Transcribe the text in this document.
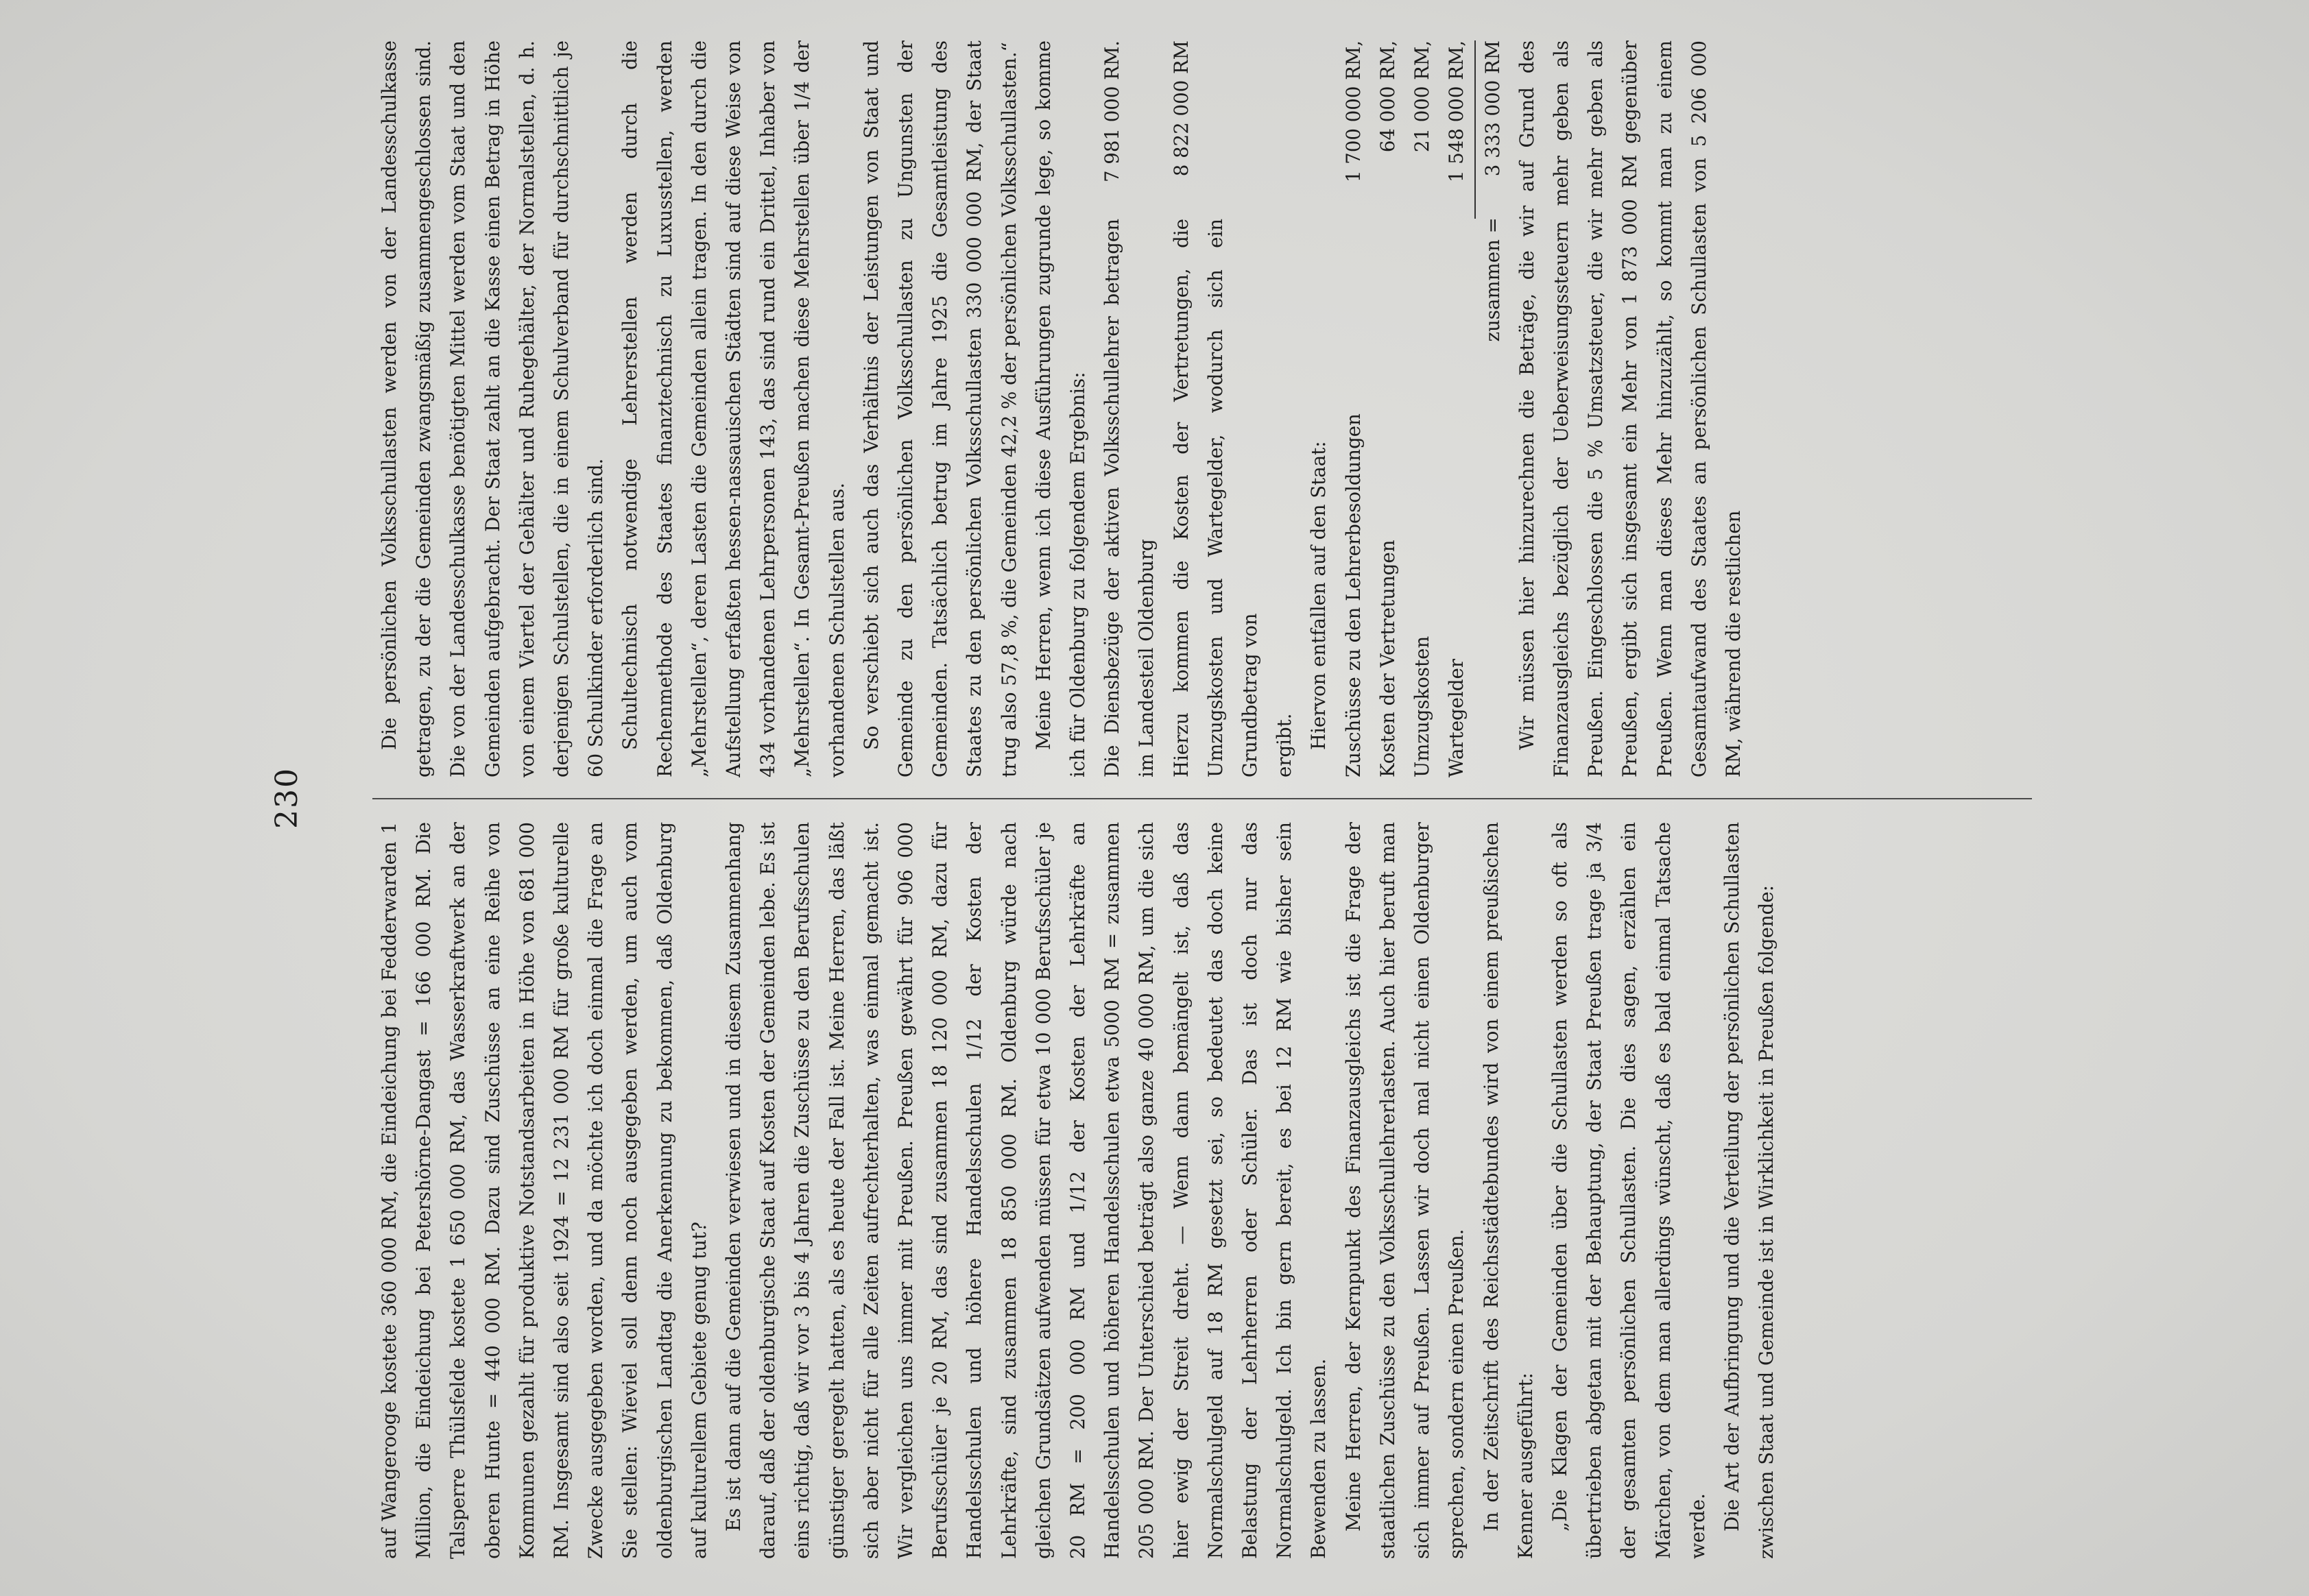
230

auf Wangerooge kostete 360 000 RM, die Eindeichung bei Fedderwarden 1 Million, die Eindeichung bei Petershörne-Dangast = 166 000 RM. Die Talsperre Thülsfelde kostete 1 650 000 RM, das Wasserkraftwerk an der oberen Hunte = 440 000 RM. Dazu sind Zuschüsse an eine Reihe von Kommunen gezahlt für produktive Notstandsarbeiten in Höhe von 681 000 RM. Insgesamt sind also seit 1924 = 12 231 000 RM für große kulturelle Zwecke ausgegeben worden, und da möchte ich doch einmal die Frage an Sie stellen: Wieviel soll denn noch ausgegeben werden, um auch vom oldenburgischen Landtag die Anerkennung zu bekommen, daß Oldenburg auf kulturellem Gebiete genug tut? Es ist dann auf die Gemeinden verwiesen und in diesem Zusammenhang darauf, daß der oldenburgische Staat auf Kosten der Gemeinden lebe. Es ist eins richtig, daß wir vor 3 bis 4 Jahren die Zuschüsse zu den Berufsschulen günstiger geregelt hatten, als es heute der Fall ist. Meine Herren, das läßt sich aber nicht für alle Zeiten aufrechterhalten, was einmal gemacht ist. Wir vergleichen uns immer mit Preußen. Preußen gewährt für 906 000 Berufsschüler je 20 RM, das sind zusammen 18 120 000 RM, dazu für Handelsschulen und höhere Handelsschulen 1/12 der Kosten der Lehrkräfte, sind zusammen 18 850 000 RM. Oldenburg würde nach gleichen Grundsätzen aufwenden müssen für etwa 10 000 Berufsschüler je 20 RM = 200 000 RM und 1/12 der Kosten der Lehrkräfte an Handelsschulen und höheren Handelsschulen etwa 5000 RM = zusammen 205 000 RM. Der Unterschied beträgt also ganze 40 000 RM, um die sich hier ewig der Streit dreht. — Wenn dann bemängelt ist, daß das Normalschulgeld auf 18 RM gesetzt sei, so bedeutet das doch keine Belastung der Lehrherren oder Schüler. Das ist doch nur das Normalschulgeld. Ich bin gern bereit, es bei 12 RM wie bisher sein Bewenden zu lassen. Meine Herren, der Kernpunkt des Finanzausgleichs ist die Frage der staatlichen Zuschüsse zu den Volksschullehrerlasten. Auch hier beruft man sich immer auf Preußen. Lassen wir doch mal nicht einen Oldenburger sprechen, sondern einen Preußen. In der Zeitschrift des Reichsstädtebundes wird von einem preußischen Kenner ausgeführt: „Die Klagen der Gemeinden über die Schullasten werden so oft als übertrieben abgetan mit der Behauptung, der Staat Preußen trage ja 3/4 der gesamten persönlichen Schullasten. Die dies sagen, erzählen ein Märchen, von dem man allerdings wünscht, daß es bald einmal Tatsache werde. Die Art der Aufbringung und die Verteilung der persönlichen Schullasten zwischen Staat und Gemeinde ist in Wirklichkeit in Preußen folgende:

Die persönlichen Volksschullasten werden von der Landesschulkasse getragen, zu der die Gemeinden zwangsmäßig zusammengeschlossen sind. Die von der Landesschulkasse benötigten Mittel werden vom Staat und den Gemeinden aufgebracht. Der Staat zahlt an die Kasse einen Betrag in Höhe von einem Viertel der Gehälter und Ruhegehälter, der Normalstellen, d. h. derjenigen Schulstellen, die in einem Schulverband für durchschnittlich je 60 Schulkinder erforderlich sind. Schultechnisch notwendige Lehrerstellen werden durch die Rechenmethode des Staates finanztechnisch zu Luxusstellen, werden „Mehrstellen“, deren Lasten die Gemeinden allein tragen. In den durch die Aufstellung erfaßten hessen-nassauischen Städten sind auf diese Weise von 434 vorhandenen Lehrpersonen 143, das sind rund ein Drittel, Inhaber von „Mehrstellen“. In Gesamt-Preußen machen diese Mehrstellen über 1/4 der vorhandenen Schulstellen aus. So verschiebt sich auch das Verhältnis der Leistungen von Staat und Gemeinde zu den persönlichen Volksschullasten zu Ungunsten der Gemeinden. Tatsächlich betrug im Jahre 1925 die Gesamtleistung des Staates zu den persönlichen Volksschullasten 330 000 000 RM, der Staat trug also 57,8 %, die Gemeinden 42,2 % der persönlichen Volksschullasten.“ Meine Herren, wenn ich diese Ausführungen zugrunde lege, so komme ich für Oldenburg zu folgendem Ergebnis: Die Diensbezüge der aktiven Volksschullehrer betragen im Landesteil Oldenburg
7 981 000 RM.
Hierzu kommen die Kosten der Vertretungen, die Umzugskosten und Wartegelder, wodurch sich ein Grundbetrag von
8 822 000 RM
ergibt. Hiervon entfallen auf den Staat: Zuschüsse zu den Lehrerbesoldungen
1 700 000 RM,
Kosten der Vertretungen
64 000 RM,
Umzugskosten
21 000 RM,
Wartegelder
1 548 000 RM,
zusammen =
3 333 000 RM Wir müssen hier hinzurechnen die Beträge, die wir auf Grund des Finanzausgleichs bezüglich der Ueberweisungssteuern mehr geben als Preußen. Eingeschlossen die 5 % Umsatzsteuer, die wir mehr geben als Preußen, ergibt sich insgesamt ein Mehr von 1 873 000 RM gegenüber Preußen. Wenn man dieses Mehr hinzuzählt, so kommt man zu einem Gesamtaufwand des Staates an persönlichen Schullasten von 5 206 000 RM, während die restlichen
